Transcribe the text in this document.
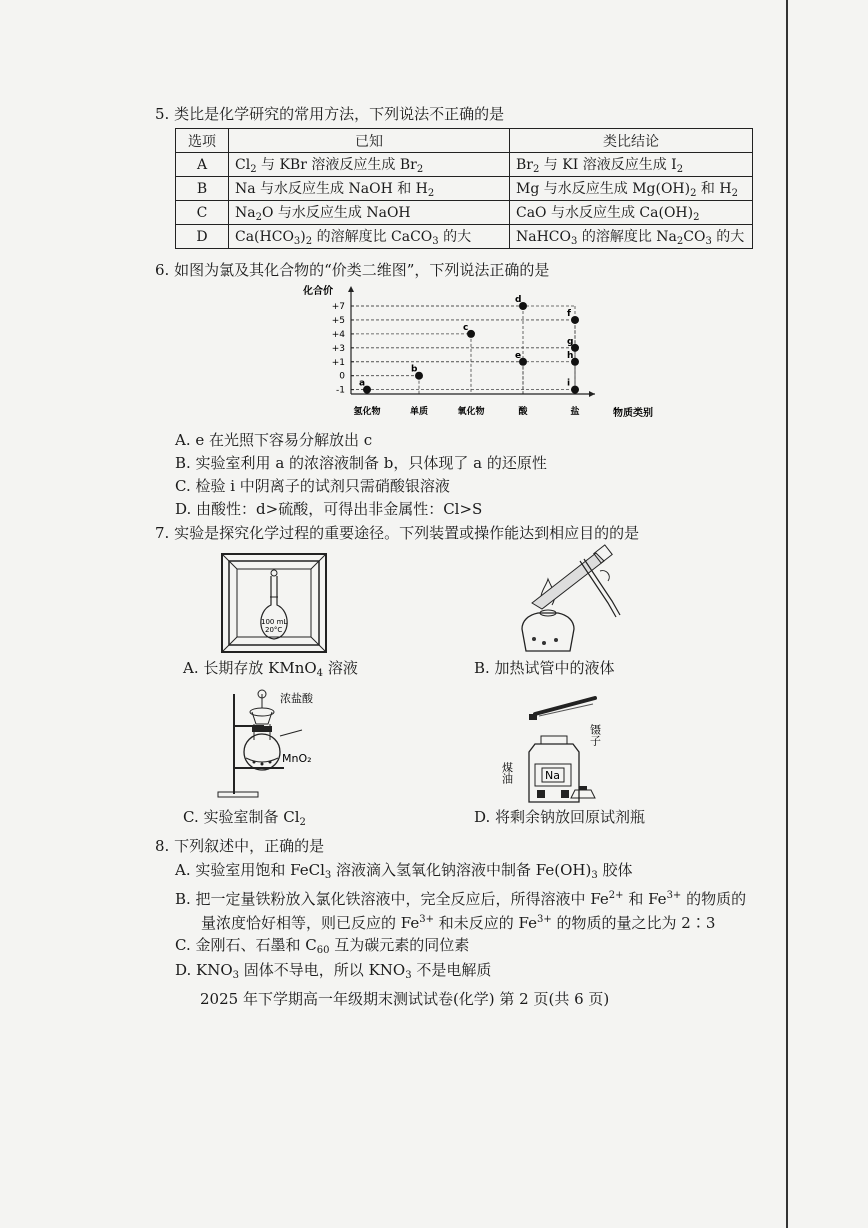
5. 类比是化学研究的常用方法，下列说法不正确的是
选项	已知	类比结论
A	$Cl_2$ 与 KBr 溶液反应生成 $Br_2$	$Br_2$ 与 KI 溶液反应生成 $I_2$
B	Na 与水反应生成 NaOH 和 $H_2$	Mg 与水反应生成 $Mg(OH)_2$ 和 $H_2$
C	$Na_2O$ 与水反应生成 NaOH	CaO 与水反应生成 $Ca(OH)_2$
D	$Ca(HCO_3)_2$ 的溶解度比 CaCO$_3$ 的大	NaHCO$_3$ 的溶解度比 $Na_2CO_3$ 的大
6. 如图为氯及其化合物的“价类二维图”，下列说法正确的是
化合价
物质类别
+7
+5
+4
+3
+1
0
-1
氢化物	单质	氧化物	酸	盐
a
b
c
d
e
f
g
h
i
A. e 在光照下容易分解放出 c
B. 实验室利用 a 的浓溶液制备 b，只体现了 a 的还原性
C. 检验 i 中阴离子的试剂只需硝酸银溶液
D. 由酸性：d>硫酸，可得出非金属性：Cl>S
7. 实验是探究化学过程的重要途径。下列装置或操作能达到相应目的的是
100 mL
20°C
A. 长期存放 KMnO$_4$ 溶液	B. 加热试管中的液体
浓盐酸
MnO₂
C. 实验室制备 $Cl_2$
镊子
Na
煤油
D. 将剩余钠放回原试剂瓶
8. 下列叙述中，正确的是
A. 实验室用饱和 FeCl$_3$ 溶液滴入氢氧化钠溶液中制备 $Fe(OH)_3$ 胶体
B. 把一定量铁粉放入氯化铁溶液中，完全反应后，所得溶液中 $Fe^{2+}$ 和 $Fe^{3+}$ 的物质的
量浓度恰好相等，则已反应的 $Fe^{3+}$ 和未反应的 $Fe^{3+}$ 的物质的量之比为 2∶3
C. 金刚石、石墨和 $C_{60}$ 互为碳元素的同位素
D. $KNO_3$ 固体不导电，所以 $KNO_3$ 不是电解质
2025 年下学期高一年级期末测试试卷(化学) 第 2 页(共 6 页)
